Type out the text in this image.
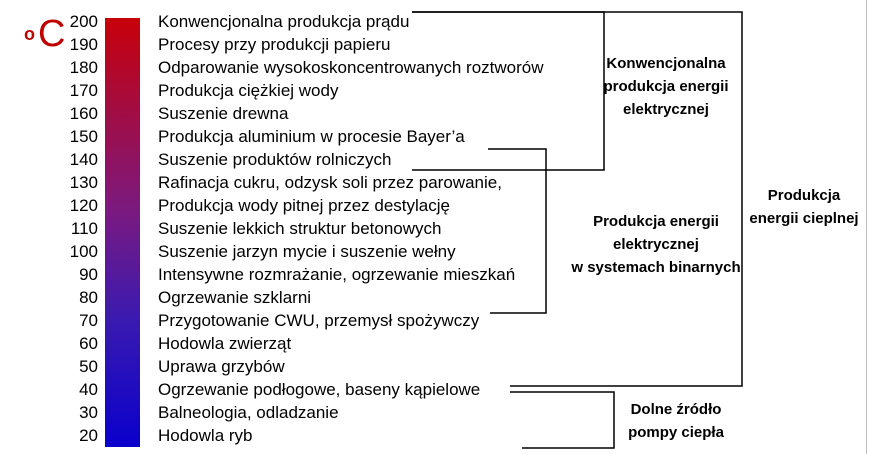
o C 200	Konwencjonalna produkcja prądu
190	Procesy przy produkcji papieru
180	Odparowanie wysokoskoncentrowanych roztworów
170	Produkcja ciężkiej wody
160	Suszenie drewna
150	Produkcja aluminium w procesie Bayer’a
140	Suszenie produktów rolniczych
130	Rafinacja cukru, odzysk soli przez parowanie,
120	Produkcja wody pitnej przez destylację
110	Suszenie lekkich struktur betonowych
100	Suszenie jarzyn mycie i suszenie wełny
90	Intensywne rozmrażanie, ogrzewanie mieszkań
80	Ogrzewanie szklarni
70	Przygotowanie CWU, przemysł spożywczy
60	Hodowla zwierząt
50	Uprawa grzybów
40	Ogrzewanie podłogowe, baseny kąpielowe
30	Balneologia, odladzanie
20	Hodowla ryb
Konwencjonalna
produkcja energii
elektrycznej
Produkcja energii
elektrycznej
w systemach binarnych
Produkcja
energii cieplnej
Dolne źródło
pompy ciepła
